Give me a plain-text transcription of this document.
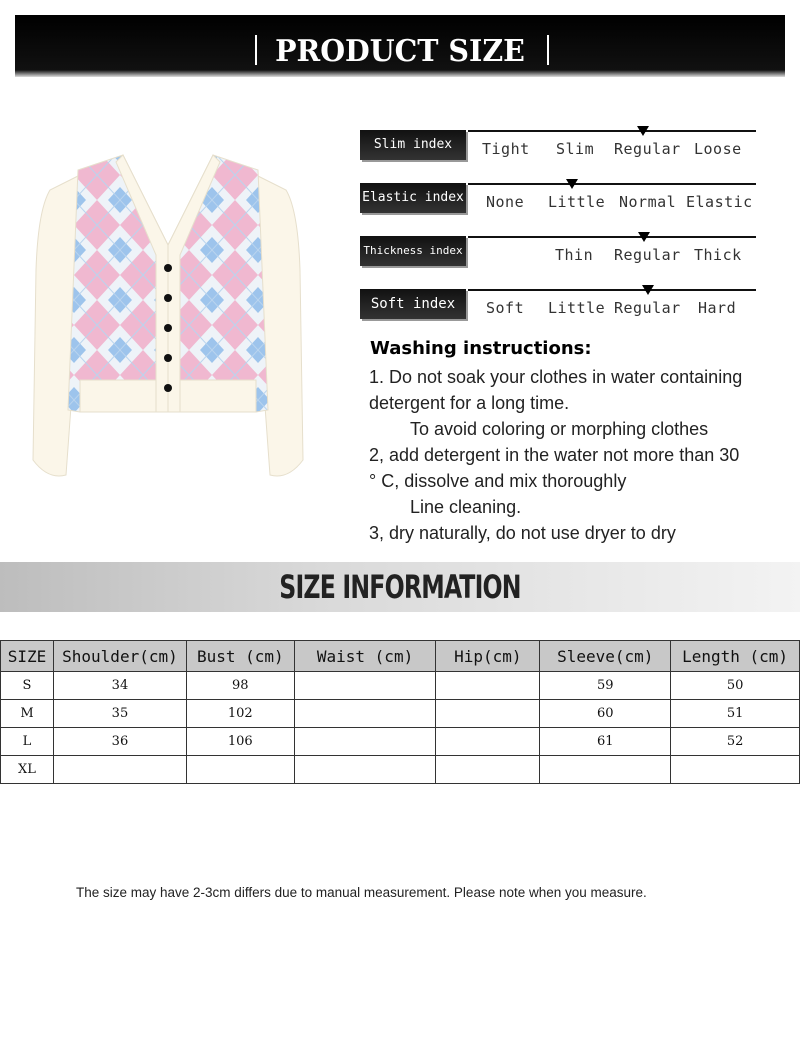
PRODUCT SIZE
Slim index	Tight Slim Regular Loose
Elastic index None Little Normal Elastic
Thickness index	Thin Regular Thick
Soft index	Soft Little Regular Hard
Washing instructions:
1. Do not soak your clothes in water containing
detergent for a long time.
To avoid coloring or morphing clothes
2, add detergent in the water not more than 30
° C, dissolve and mix thoroughly
Line cleaning.
3, dry naturally, do not use dryer to dry
SIZE INFORMATION
SIZE	Shoulder(cm)	Bust (cm)	Waist (cm)	Hip(cm)	Sleeve(cm)	Length (cm)
S	34	98			59	50
M	35	102			60	51
L	36	106			61	52
XL						
The size may have 2-3cm differs due to manual measurement. Please note when you measure.
